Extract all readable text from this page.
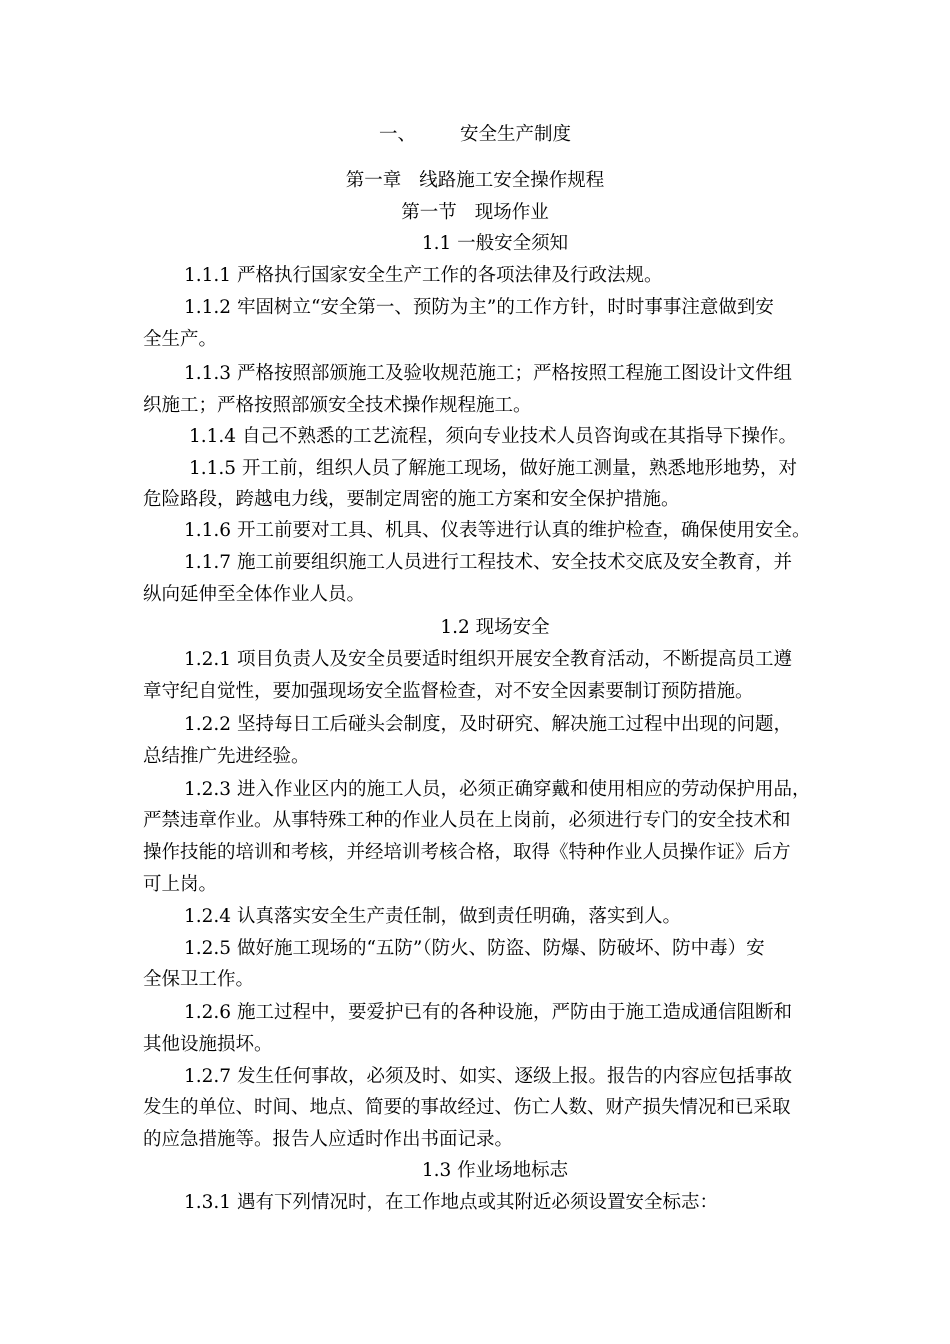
一、 安全生产制度
第一章 线路施工安全操作规程
第一节 现场作业
1.1 一般安全须知
1.1.1 严格执行国家安全生产工作的各项法律及行政法规。
1.1.2 牢固树立“安全第一、预防为主”的工作方针，时时事事注意做到安
全生产。
1.1.3 严格按照部颁施工及验收规范施工；严格按照工程施工图设计文件组
织施工；严格按照部颁安全技术操作规程施工。
1.1.4 自己不熟悉的工艺流程，须向专业技术人员咨询或在其指导下操作。
1.1.5 开工前，组织人员了解施工现场，做好施工测量，熟悉地形地势，对
危险路段，跨越电力线，要制定周密的施工方案和安全保护措施。
1.1.6 开工前要对工具、机具、仪表等进行认真的维护检查，确保使用安全。
1.1.7 施工前要组织施工人员进行工程技术、安全技术交底及安全教育，并
纵向延伸至全体作业人员。
1.2 现场安全
1.2.1 项目负责人及安全员要适时组织开展安全教育活动，不断提高员工遵
章守纪自觉性，要加强现场安全监督检查，对不安全因素要制订预防措施。
1.2.2 坚持每日工后碰头会制度，及时研究、解决施工过程中出现的问题，
总结推广先进经验。
1.2.3 进入作业区内的施工人员，必须正确穿戴和使用相应的劳动保护用品，
严禁违章作业。从事特殊工种的作业人员在上岗前，必须进行专门的安全技术和
操作技能的培训和考核，并经培训考核合格，取得《特种作业人员操作证》后方
可上岗。
1.2.4 认真落实安全生产责任制，做到责任明确，落实到人。
1.2.5 做好施工现场的“五防”（防火、防盗、防爆、防破坏、防中毒）安
全保卫工作。
1.2.6 施工过程中，要爱护已有的各种设施，严防由于施工造成通信阻断和
其他设施损坏。
1.2.7 发生任何事故，必须及时、如实、逐级上报。报告的内容应包括事故
发生的单位、时间、地点、简要的事故经过、伤亡人数、财产损失情况和已采取
的应急措施等。报告人应适时作出书面记录。
1.3 作业场地标志
1.3.1 遇有下列情况时，在工作地点或其附近必须设置安全标志：
